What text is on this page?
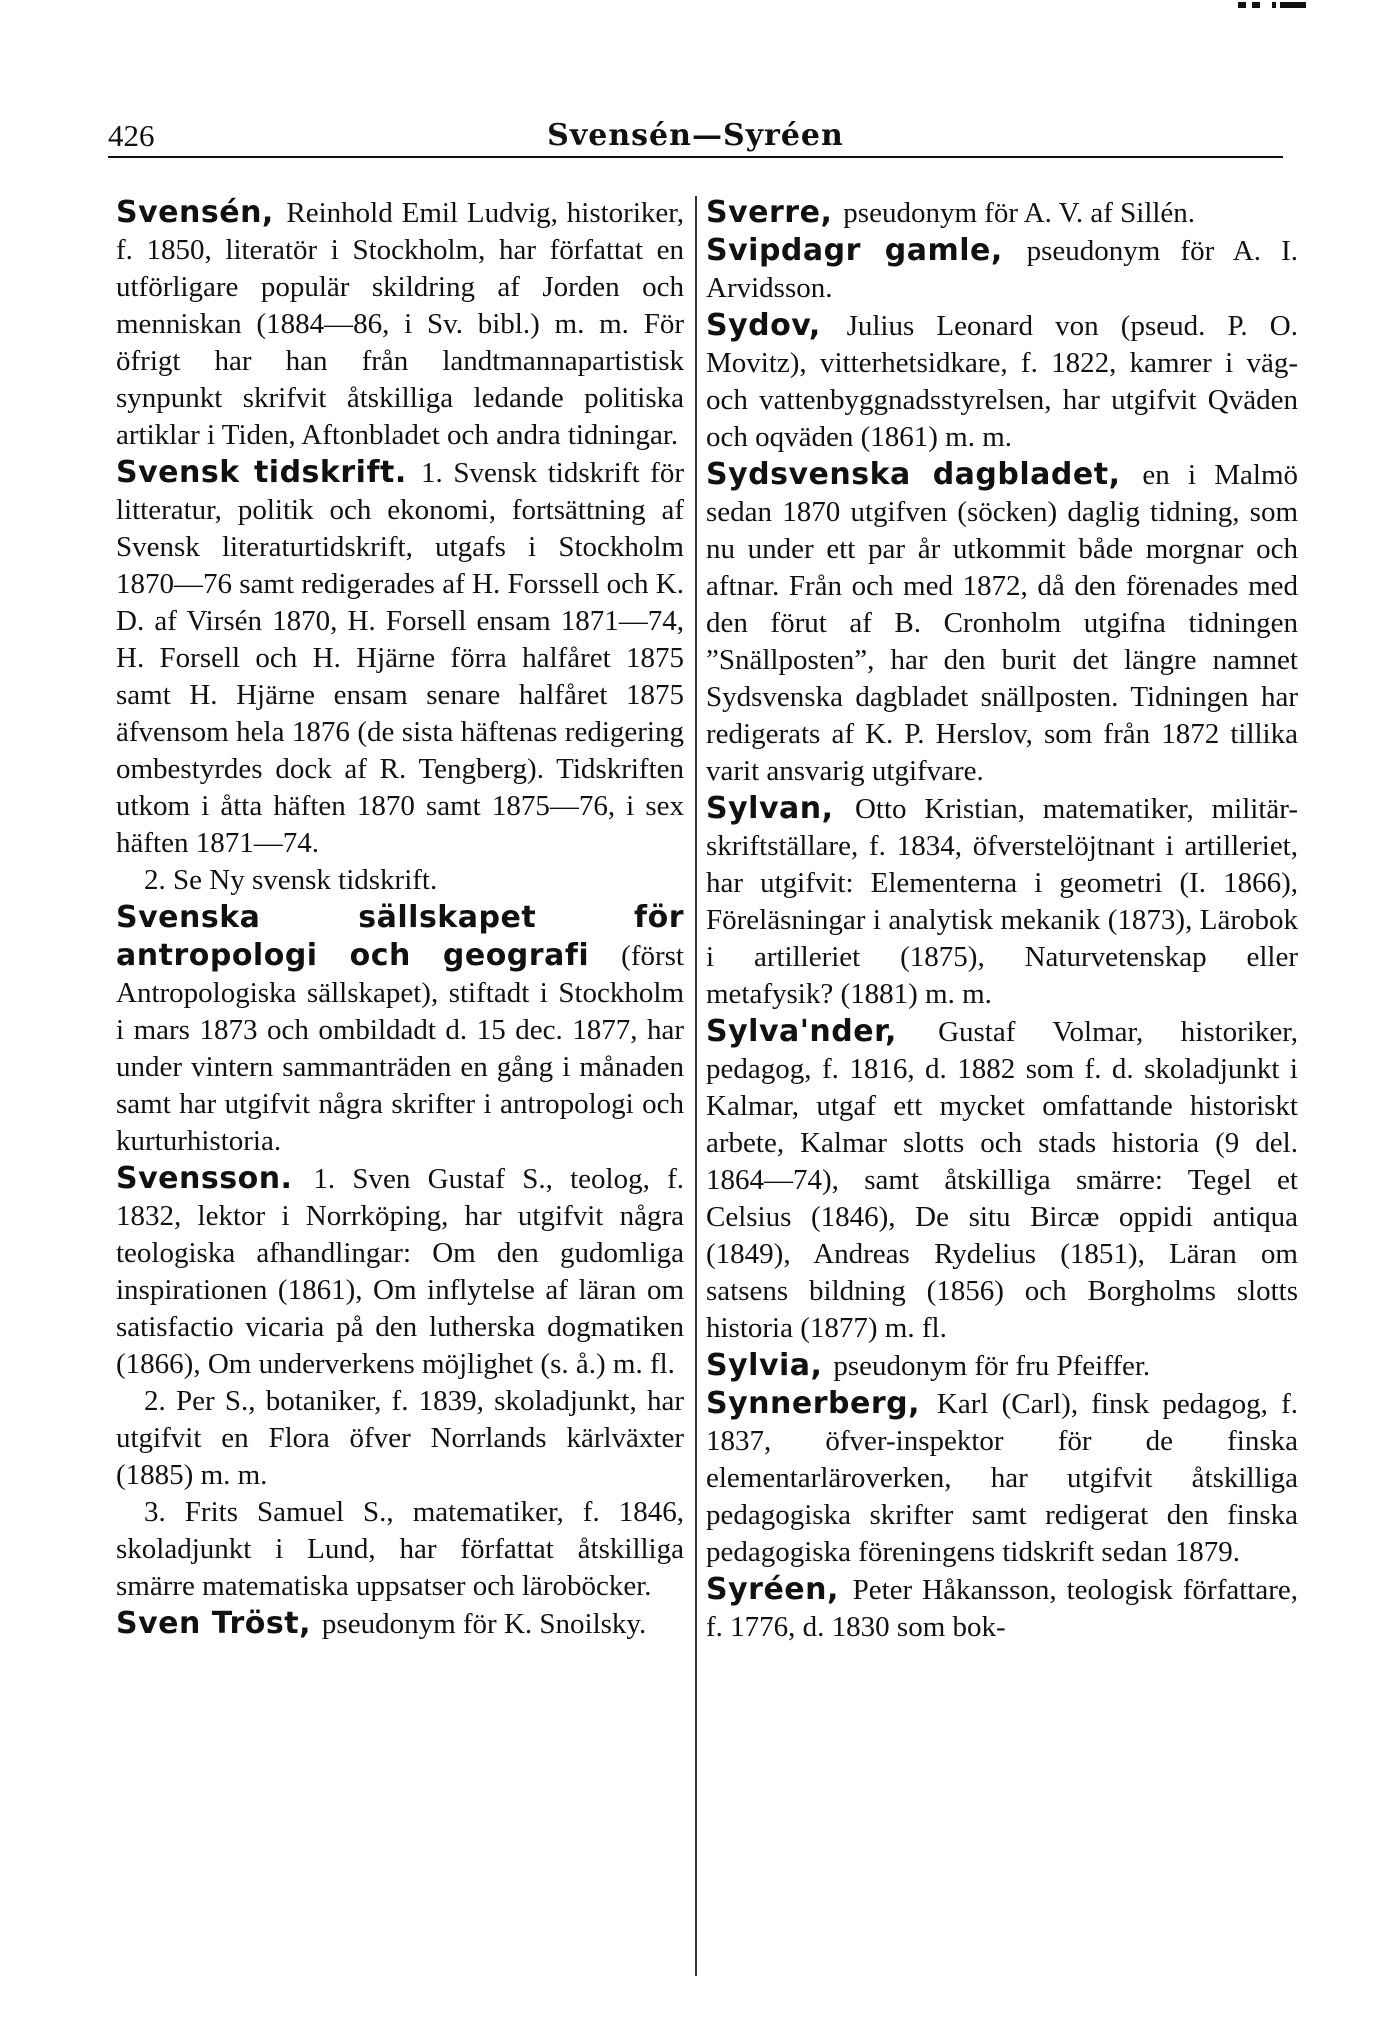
426	Svensén—Syréen

Svensén, Reinhold Emil Ludvig, historiker, f. 1850, literatör i Stockholm, har författat en utförligare populär skildring af Jorden och menniskan (1884—86, i Sv. bibl.) m. m. För öfrigt har han från landtmannapartistisk synpunkt skrifvit åtskilliga ledande politiska artiklar i Tiden, Aftonbladet och andra tidningar.

Svensk tidskrift. 1. Svensk tidskrift för litteratur, politik och ekonomi, fortsättning af Svensk literaturtidskrift, utgafs i Stockholm 1870—76 samt redigerades af H. Forssell och K. D. af Virsén 1870, H. Forsell ensam 1871—74, H. Forsell och H. Hjärne förra halfåret 1875 samt H. Hjärne ensam senare halfåret 1875 äfvensom hela 1876 (de sista häftenas redigering ombestyrdes dock af R. Tengberg). Tidskriften utkom i åtta häften 1870 samt 1875—76, i sex häften 1871—74.
2. Se Ny svensk tidskrift.

Svenska sällskapet för antropologi och geografi (först Antropologiska sällskapet), stiftadt i Stockholm i mars 1873 och ombildadt d. 15 dec. 1877, har under vintern sammanträden en gång i månaden samt har utgifvit några skrifter i antropologi och kurturhistoria.

Svensson. 1. Sven Gustaf S., teolog, f. 1832, lektor i Norrköping, har utgifvit några teologiska afhandlingar: Om den gudomliga inspirationen (1861), Om inflytelse af läran om satisfactio vicaria på den lutherska dogmatiken (1866), Om underverkens möjlighet (s. å.) m. fl.
2. Per S., botaniker, f. 1839, skoladjunkt, har utgifvit en Flora öfver Norrlands kärlväxter (1885) m. m.
3. Frits Samuel S., matematiker, f. 1846, skoladjunkt i Lund, har författat åtskilliga smärre matematiska uppsatser och läroböcker.

Sven Tröst, pseudonym för K. Snoilsky.

Sverre, pseudonym för A. V. af Sillén.

Svipdagr gamle, pseudonym för A. I. Arvidsson.

Sydov, Julius Leonard von (pseud. P. O. Movitz), vitterhetsidkare, f. 1822, kamrer i väg- och vattenbyggnadsstyrelsen, har utgifvit Qväden och oqväden (1861) m. m.

Sydsvenska dagbladet, en i Malmö sedan 1870 utgifven (söcken) daglig tidning, som nu under ett par år utkommit både morgnar och aftnar. Från och med 1872, då den förenades med den förut af B. Cronholm utgifna tidningen ”Snällposten”, har den burit det längre namnet Sydsvenska dagbladet snällposten. Tidningen har redigerats af K. P. Herslov, som från 1872 tillika varit ansvarig utgifvare.

Sylvan, Otto Kristian, matematiker, militär-skriftställare, f. 1834, öfverstelöjtnant i artilleriet, har utgifvit: Elementerna i geometri (I. 1866), Föreläsningar i analytisk mekanik (1873), Lärobok i artilleriet (1875), Naturvetenskap eller metafysik? (1881) m. m.

Sylva'nder, Gustaf Volmar, historiker, pedagog, f. 1816, d. 1882 som f. d. skoladjunkt i Kalmar, utgaf ett mycket omfattande historiskt arbete, Kalmar slotts och stads historia (9 del. 1864—74), samt åtskilliga smärre: Tegel et Celsius (1846), De situ Bircæ oppidi antiqua (1849), Andreas Rydelius (1851), Läran om satsens bildning (1856) och Borgholms slotts historia (1877) m. fl.

Sylvia, pseudonym för fru Pfeiffer.

Synnerberg, Karl (Carl), finsk pedagog, f. 1837, öfver-inspektor för de finska elementarläroverken, har utgifvit åtskilliga pedagogiska skrifter samt redigerat den finska pedagogiska föreningens tidskrift sedan 1879.

Syréen, Peter Håkansson, teologisk författare, f. 1776, d. 1830 som bok-
